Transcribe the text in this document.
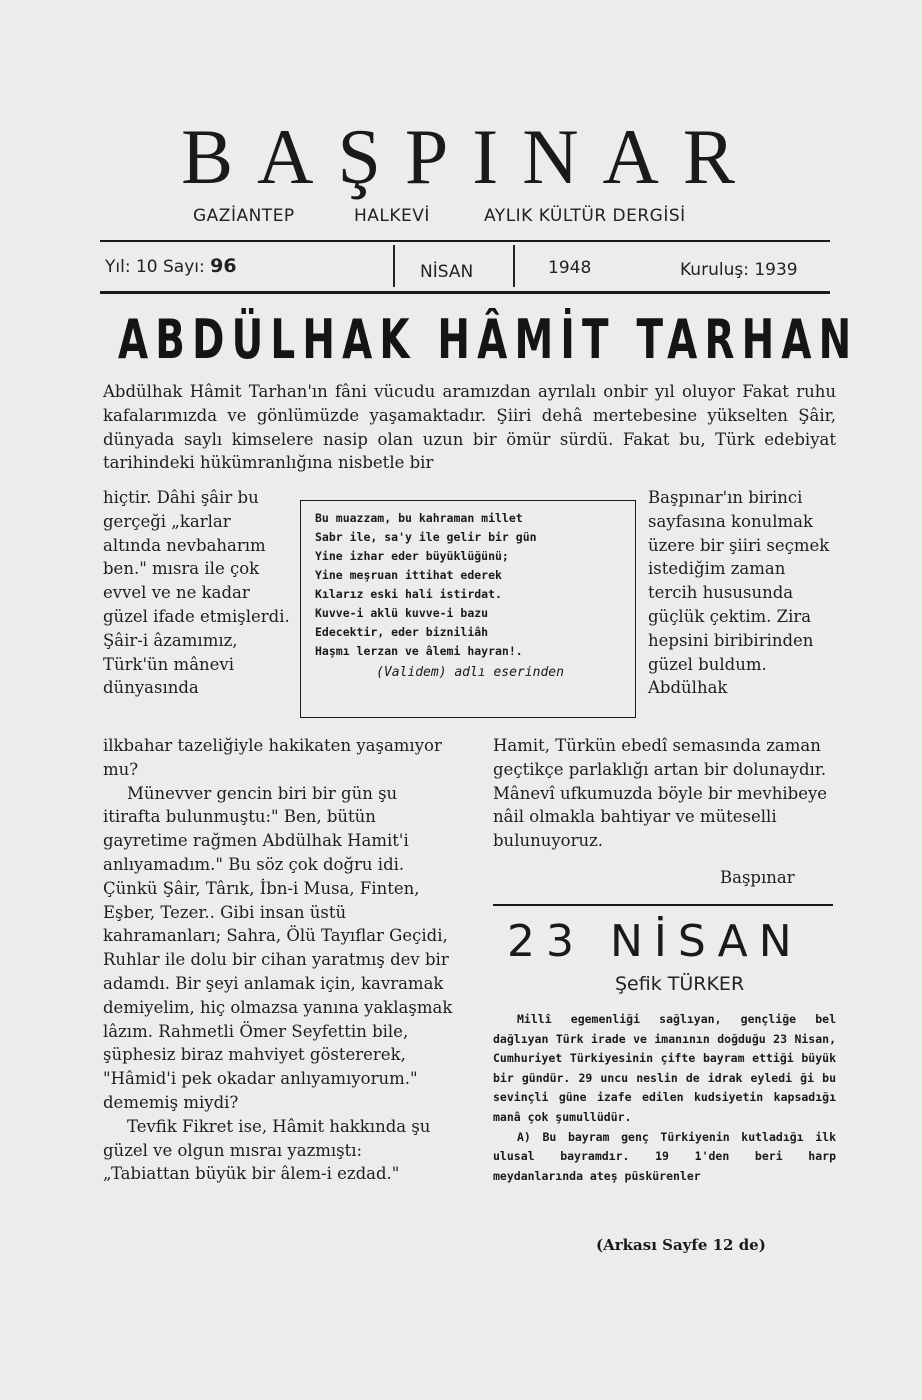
BAŞPINAR
GAZİANTEP	HALKEVİ	AYLIK KÜLTÜR DERGİSİ
Yıl: 10 Sayı: 96	NİSAN	1948	Kuruluş: 1939
ABDÜLHAK HÂMİT TARHAN
Abdülhak Hâmit Tarhan'ın fâni vücudu aramızdan ayrılalı onbir yıl oluyor Fakat ruhu kafalarımızda ve gönlümüzde yaşamaktadır. Şiiri dehâ mertebesine yükselten Şâir, dünyada saylı kimselere nasip olan uzun bir ömür sürdü. Fakat bu, Türk edebiyat tarihindeki hükümranlığına nisbetle bir
hiçtir. Dâhi şâir bu gerçeği „karlar altında nevbaharım ben." mısra ile çok evvel ve ne kadar güzel ifade etmişlerdi. Şâir-i âzamımız, Türk'ün mânevi dünyasında
Bu muazzam, bu kahraman millet
Sabr ile, sa'y ile gelir bir gün
Yine izhar eder büyüklüğünü;
Yine meşruan ittihat ederek
Kılarız eski hali istirdat.
Kuvve-i aklü kuvve-i bazu
Edecektir, eder bizniliâh
Haşmı lerzan ve âlemi hayran!.
(Validem) adlı eserinden
Başpınar'ın birinci sayfasına konulmak üzere bir şiiri seçmek istediğim zaman tercih hususunda güçlük çektim. Zira hepsini biribirinden güzel buldum. Abdülhak

ilkbahar tazeliğiyle hakikaten yaşamıyor mu?

Münevver gencin biri bir gün şu itirafta bulunmuştu:" Ben, bütün gayretime rağmen Abdülhak Hamit'i anlıyamadım." Bu söz çok doğru idi. Çünkü Şâir, Târık, İbn-i Musa, Finten, Eşber, Tezer.. Gibi insan üstü kahramanları; Sahra, Ölü Tayıflar Geçidi, Ruhlar ile dolu bir cihan yaratmış dev bir adamdı. Bir şeyi anlamak için, kavramak demiyelim, hiç olmazsa yanına yaklaşmak lâzım. Rahmetli Ömer Seyfettin bile, şüphesiz biraz mahviyet göstererek, "Hâmid'i pek okadar anlıyamıyorum." dememiş miydi?

Tevfik Fikret ise, Hâmit hakkında şu güzel ve olgun mısraı yazmıştı: „Tabiattan büyük bir âlem-i ezdad."

Hamit, Türkün ebedî semasında zaman geçtikçe parlaklığı artan bir dolunaydır. Mânevî ufkumuzda böyle bir mevhibeye nâil olmakla bahtiyar ve müteselli bulunuyoruz.
Başpınar
23 NİSAN
Şefik TÜRKER

Millî egemenliği sağlıyan, gençliğe bel dağlıyan Türk irade ve imanının doğduğu 23 Nisan, Cumhuriyet Türkiyesinin çifte bayram ettiği büyük bir gündür. 29 uncu neslin de idrak eyledi ği bu sevinçli güne izafe edilen kudsiyetin kapsadığı manâ çok şumullüdür.

A) Bu bayram genç Türkiyenin kutladığı ilk ulusal bayramdır. 19 1'den beri harp meydanlarında ateş püskürenler

(Arkası Sayfe 12 de)
